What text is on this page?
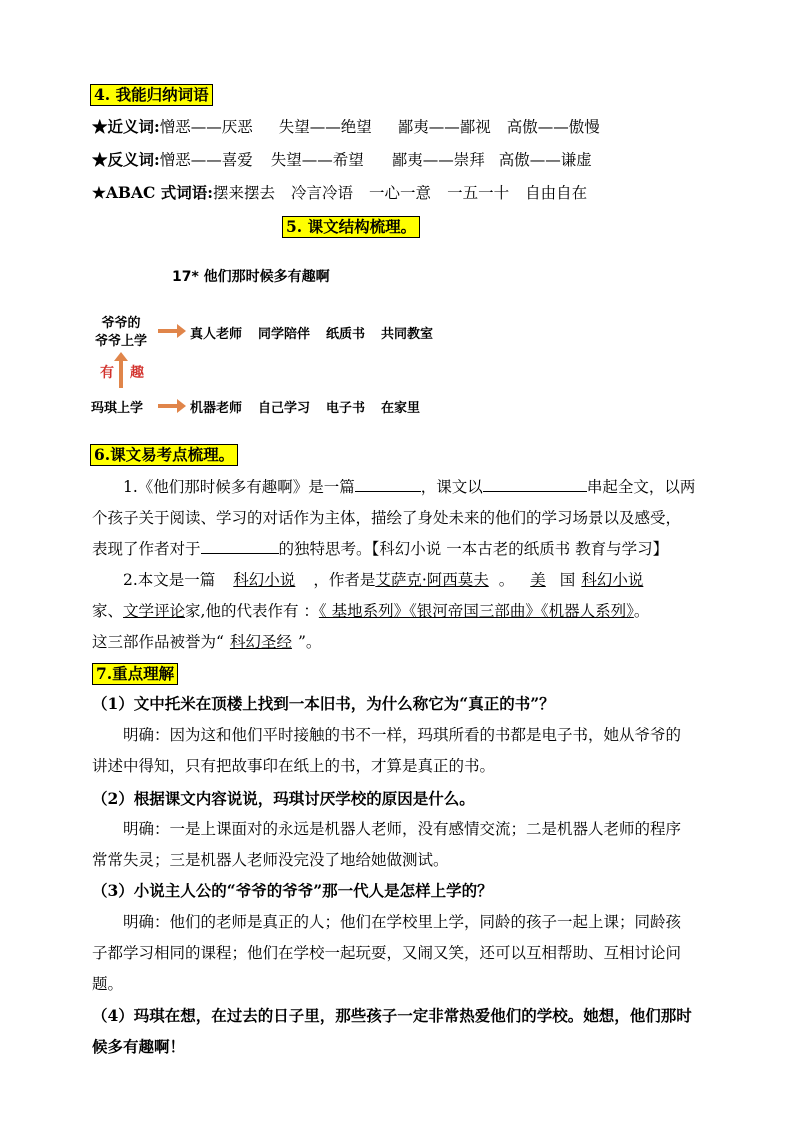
4. 我能归纳词语
★近义词:憎恶——厌恶 失望——绝望 鄙夷——鄙视 高傲——傲慢
★反义词:憎恶——喜爱 失望——希望 鄙夷——崇拜 高傲——谦虚
★ABAC 式词语:摆来摆去 冷言冷语 一心一意 一五一十 自由自在
5. 课文结构梳理。
17* 他们那时候多有趣啊
爷爷的
爷爷上学	真人老师 同学陪伴 纸质书 共同教室
有 趣
玛琪上学	机器老师 自己学习 电子书 在家里
6.课文易考点梳理。
1.《他们那时候多有趣啊》是一篇	，课文以	串起全文，以两
个孩子关于阅读、学习的对话作为主体，描绘了身处未来的他们的学习场景以及感受，
表现了作者对于	的独特思考。【科幻小说 一本古老的纸质书 教育与学习】
2.本文是一篇 科幻小说 ，作者是艾萨克·阿西莫夫 。 美 国 科幻小说
家、文学评论家,他的代表作有 ：《 基地系列》《银河帝国三部曲》《机器人系列》。
这三部作品被誉为“ 科幻圣经 ”。
7.重点理解
（1）文中托米在顶楼上找到一本旧书，为什么称它为“真正的书”？
明确：因为这和他们平时接触的书不一样，玛琪所看的书都是电子书，她从爷爷的
讲述中得知，只有把故事印在纸上的书，才算是真正的书。
（2）根据课文内容说说，玛琪讨厌学校的原因是什么。
明确：一是上课面对的永远是机器人老师，没有感情交流；二是机器人老师的程序
常常失灵；三是机器人老师没完没了地给她做测试。
（3）小说主人公的“爷爷的爷爷”那一代人是怎样上学的？
明确：他们的老师是真正的人；他们在学校里上学，同龄的孩子一起上课；同龄孩
子都学习相同的课程；他们在学校一起玩耍，又闹又笑，还可以互相帮助、互相讨论问
题。
（4）玛琪在想，在过去的日子里，那些孩子一定非常热爱他们的学校。她想，他们那时
候多有趣啊！
